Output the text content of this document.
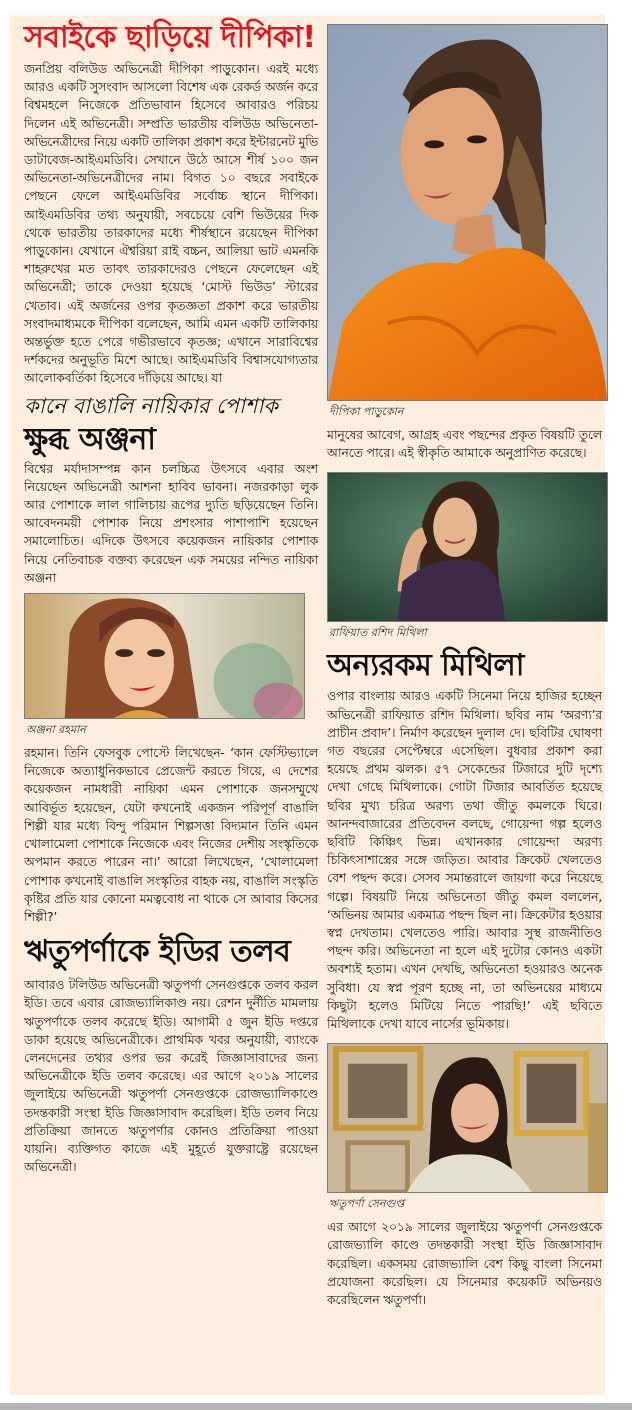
সবাইকে ছাড়িয়ে দীপিকা!

জনপ্রিয় বলিউড অভিনেত্রী দীপিকা পাড়ুকোন। এরই মধ্যে আরও একটি সুসংবাদ আসলো বিশেষ এক রেকর্ড অর্জন করে বিশ্বমহলে নিজেকে প্রতিভাবান হিসেবে আবারও পরিচয় দিলেন এই অভিনেত্রী। সম্প্রতি ভারতীয় বলিউড অভিনেতা-অভিনেত্রীদের নিয়ে একটি তালিকা প্রকাশ করে ইন্টারনেট মুভি ডাটাবেজ-আইএমডিবি। সেখানে উঠে আসে শীর্ষ ১০০ জন অভিনেতা-অভিনেত্রীদের নাম। বিগত ১০ বছরে সবাইকে পেছনে ফেলে আইএমডিবির সর্বোচ্চ স্থানে দীপিকা। আইএমডিবির তথ্য অনুযায়ী, সবচেয়ে বেশি ভিউয়ের দিক থেকে ভারতীয় তারকাদের মধ্যে শীর্ষস্থানে রয়েছেন দীপিকা পাড়ুকোন। যেখানে ঐশ্বরিয়া রাই বচ্চন, আলিয়া ভাট এমনকি শাহরুখের মত তাবৎ তারকাদেরও পেছনে ফেলেছেন এই অভিনেত্রী; তাকে দেওয়া হয়েছে ‘মোস্ট ভিউড’ স্টারের খেতাব। এই অর্জনের ওপর কৃতজ্ঞতা প্রকাশ করে ভারতীয় সংবাদমাধ্যমকে দীপিকা বলেছেন, আমি এমন একটি তালিকায় অন্তর্ভুক্ত হতে পেরে গভীরভাবে কৃতজ্ঞ; এখানে সারাবিশ্বের দর্শকদের অনুভূতি মিশে আছে। আইএমডিবি বিশ্বাসযোগ্যতার আলোকবর্তিকা হিসেবে দাঁড়িয়ে আছে। যা

কানে বাঙালি নায়িকার পোশাক
ক্ষুব্ধ অঞ্জনা

বিশ্বের মর্যাদাসম্পন্ন কান চলচ্চিত্র উৎসবে এবার অংশ নিয়েছেন অভিনেত্রী আশনা হাবিব ভাবনা। নজরকাড়া লুক আর পোশাকে লাল গালিচায় রূপের দ্যুতি ছড়িয়েছেন তিনি। আবেদনময়ী পোশাক নিয়ে প্রশংসার পাশাপাশি হয়েছেন সমালোচিত। এদিকে উৎসবে কয়েকজন নায়িকার পোশাক নিয়ে নেতিবাচক বক্তব্য করেছেন এক সময়ের নন্দিত নায়িকা অঞ্জনা

অঞ্জনা রহমান

রহমান। তিনি ফেসবুক পোস্টে লিখেছেন- ‘কান ফেস্টিভ্যালে নিজেকে অত্যাধুনিকভাবে প্রেজেন্ট করতে গিয়ে, এ দেশের কয়েকজন নামধারী নায়িকা এমন পোশাকে জনসম্মুখে আবির্ভূত হয়েছেন, যেটা কখনোই একজন পরিপূর্ণ বাঙালি শিল্পী যার মধ্যে বিন্দু পরিমান শিল্পসত্তা বিদ্যমান তিনি এমন খোলামেলা পোশাকে নিজেকে এবং নিজের দেশীয় সংস্কৃতিকে অপমান করতে পারেন না।’ আরো লিখেছেন, ‘খোলামেলা পোশাক কখনোই বাঙালি সংস্কৃতির বাহক নয়, বাঙালি সংস্কৃতি কৃষ্টির প্রতি যার কোনো মমত্ববোধ না থাকে সে আবার কিসের শিল্পী?’

ঋতুপর্ণাকে ইডির তলব

আবারও টলিউড অভিনেত্রী ঋতুপর্ণা সেনগুপ্তকে তলব করল ইডি। তবে এবার রোজভ্যালিকাণ্ড নয়। রেশন দুর্নীতি মামলায় ঋতুপর্ণাকে তলব করেছে ইডি। আগামী ৫ জুন ইডি দপ্তরে ডাকা হয়েছে অভিনেত্রীকে। প্রাথমিক খবর অনুযায়ী, ব্যাংকে লেনদেনের তথ্যর ওপর ভর করেই জিজ্ঞাসাবাদের জন্য অভিনেত্রীকে ইডি তলব করেছে। এর আগে ২০১৯ সালের জুলাইয়ে অভিনেত্রী ঋতুপর্ণা সেনগুপ্তকে রোজভ্যালিকাণ্ডে তদন্তকারী সংস্থা ইডি জিজ্ঞাসাবাদ করেছিল। ইডি তলব নিয়ে প্রতিক্রিয়া জানতে ঋতুপর্ণার কোনও প্রতিক্রিয়া পাওয়া যায়নি। ব্যক্তিগত কাজে এই মুহূর্তে যুক্তরাষ্ট্রে রয়েছেন অভিনেত্রী।

দীপিকা পাড়ুকোন

মানুষের আবেগ, আগ্রহ এবং পছন্দের প্রকৃত বিষয়টি তুলে আনতে পারে। এই স্বীকৃতি আমাকে অনুপ্রাণিত করেছে।

রাফিয়াত রশিদ মিথিলা
অন্যরকম মিথিলা

ওপার বাংলায় আরও একটি সিনেমা নিয়ে হাজির হচ্ছেন অভিনেত্রী রাফিয়াত রশিদ মিথিলা। ছবির নাম ‘অরণ্য’র প্রাচীন প্রবাদ’। নির্মাণ করেছেন দুলাল দে। ছবিটির ঘোষণা গত বছরের সেপ্টেম্বরে এসেছিল। বুধবার প্রকাশ করা হয়েছে প্রথম ঝলক। ৫৭ সেকেন্ডের টিজারে দুটি দৃশ্যে দেখা গেছে মিথিলাকে। গোটা টিজার আবর্তিত হয়েছে ছবির মুখ্য চরিত্র অরণ্য তথা জীতু কমলকে ঘিরে। আনন্দবাজারের প্রতিবেদন বলছে, গোয়েন্দা গল্প হলেও ছবিটি কিঞ্চিৎ ভিন্ন। এখানকার গোয়েন্দা অরণ্য চিকিৎসাশাস্ত্রের সঙ্গে জড়িত। আবার ক্রিকেট খেলতেও বেশ পছন্দ করে। সেসব সমান্তরালে জায়গা করে নিয়েছে গল্পে। বিষয়টি নিয়ে অভিনেতা জীতু কমল বললেন, ‘অভিনয় আমার একমাত্র পছন্দ ছিল না। ক্রিকেটার হওয়ার স্বপ্ন দেখতাম। খেলতেও পারি। আবার সুস্থ রাজনীতিও পছন্দ করি। অভিনেতা না হলে এই দুটোর কোনও একটা অবশ্যই হতাম। এখন দেখছি, অভিনেতা হওয়ারও অনেক সুবিধা। যে স্বপ্ন পূরণ হচ্ছে না, তা অভিনয়ের মাধ্যমে কিছুটা হলেও মিটিয়ে নিতে পারছি!’ এই ছবিতে মিথিলাকে দেখা যাবে নার্সের ভূমিকায়।

ঋতুপর্ণা সেনগুপ্ত

এর আগে ২০১৯ সালের জুলাইয়ে ঋতুপর্ণা সেনগুপ্তকে রোজভ্যালি কাণ্ডে তদন্তকারী সংস্থা ইডি জিজ্ঞাসাবাদ করেছিল। একসময় রোজভ্যালি বেশ কিছু বাংলা সিনেমা প্রযোজনা করেছিল। যে সিনেমার কয়েকটি অভিনয়ও করেছিলেন ঋতুপর্ণা।
